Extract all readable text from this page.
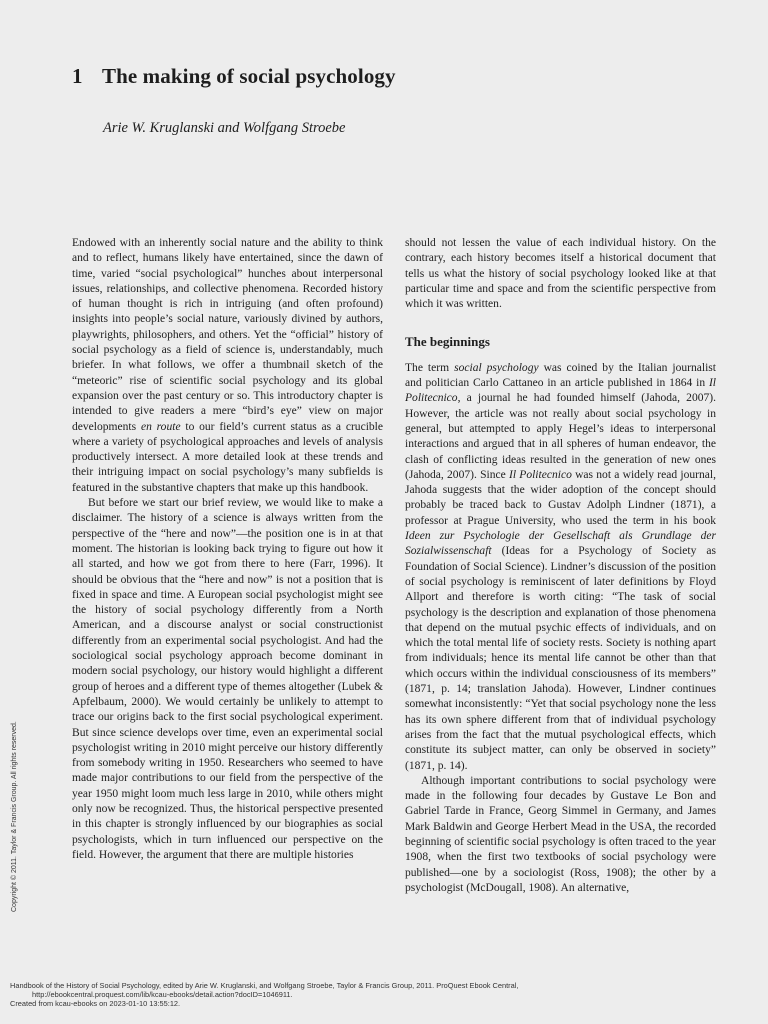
1 The making of social psychology

Arie W. Kruglanski and Wolfgang Stroebe

Endowed with an inherently social nature and the ability to think and to reflect, humans likely have entertained, since the dawn of time, varied “social psychological” hunches about interpersonal issues, relationships, and collective phenomena. Recorded history of human thought is rich in intriguing (and often profound) insights into people’s social nature, variously divined by authors, playwrights, philosophers, and others. Yet the “official” history of social psychology as a field of science is, understandably, much briefer. In what follows, we offer a thumbnail sketch of the “meteoric” rise of scientific social psychology and its global expansion over the past century or so. This introductory chapter is intended to give readers a mere “bird’s eye” view on major developments en route to our field’s current status as a crucible where a variety of psychological approaches and levels of analysis productively intersect. A more detailed look at these trends and their intriguing impact on social psychology’s many subfields is featured in the substantive chapters that make up this handbook.

But before we start our brief review, we would like to make a disclaimer. The history of a science is always written from the perspective of the “here and now”—the position one is in at that moment. The historian is looking back trying to figure out how it all started, and how we got from there to here (Farr, 1996). It should be obvious that the “here and now” is not a position that is fixed in space and time. A European social psychologist might see the history of social psychology differently from a North American, and a discourse analyst or social constructionist differently from an experimental social psychologist. And had the sociological social psychology approach become dominant in modern social psychology, our history would highlight a different group of heroes and a different type of themes altogether (Lubek & Apfelbaum, 2000). We would certainly be unlikely to attempt to trace our origins back to the first social psychological experiment. But since science develops over time, even an experimental social psychologist writing in 2010 might perceive our history differently from somebody writing in 1950. Researchers who seemed to have made major contributions to our field from the perspective of the year 1950 might loom much less large in 2010, while others might only now be recognized. Thus, the historical perspective presented in this chapter is strongly influenced by our biographies as social psychologists, which in turn influenced our perspective on the field. However, the argument that there are multiple histories

should not lessen the value of each individual history. On the contrary, each history becomes itself a historical document that tells us what the history of social psychology looked like at that particular time and space and from the scientific perspective from which it was written.

The beginnings

The term social psychology was coined by the Italian journalist and politician Carlo Cattaneo in an article published in 1864 in Il Politecnico, a journal he had founded himself (Jahoda, 2007). However, the article was not really about social psychology in general, but attempted to apply Hegel’s ideas to interpersonal interactions and argued that in all spheres of human endeavor, the clash of conflicting ideas resulted in the generation of new ones (Jahoda, 2007). Since Il Politecnico was not a widely read journal, Jahoda suggests that the wider adoption of the concept should probably be traced back to Gustav Adolph Lindner (1871), a professor at Prague University, who used the term in his book Ideen zur Psychologie der Gesellschaft als Grundlage der Sozialwissenschaft (Ideas for a Psychology of Society as Foundation of Social Science). Lindner’s discussion of the position of social psychology is reminiscent of later definitions by Floyd Allport and therefore is worth citing: “The task of social psychology is the description and explanation of those phenomena that depend on the mutual psychic effects of individuals, and on which the total mental life of society rests. Society is nothing apart from individuals; hence its mental life cannot be other than that which occurs within the individual consciousness of its members” (1871, p. 14; translation Jahoda). However, Lindner continues somewhat inconsistently: “Yet that social psychology none the less has its own sphere different from that of individual psychology arises from the fact that the mutual psychological effects, which constitute its subject matter, can only be observed in society” (1871, p. 14).

Although important contributions to social psychology were made in the following four decades by Gustave Le Bon and Gabriel Tarde in France, Georg Simmel in Germany, and James Mark Baldwin and George Herbert Mead in the USA, the recorded beginning of scientific social psychology is often traced to the year 1908, when the first two textbooks of social psychology were published—one by a sociologist (Ross, 1908); the other by a psychologist (McDougall, 1908). An alternative,

Copyright © 2011. Taylor & Francis Group. All rights reserved.
Handbook of the History of Social Psychology, edited by Arie W. Kruglanski, and Wolfgang Stroebe, Taylor & Francis Group, 2011. ProQuest Ebook Central,
http://ebookcentral.proquest.com/lib/kcau-ebooks/detail.action?docID=1046911.
Created from kcau-ebooks on 2023-01-10 13:55:12.
